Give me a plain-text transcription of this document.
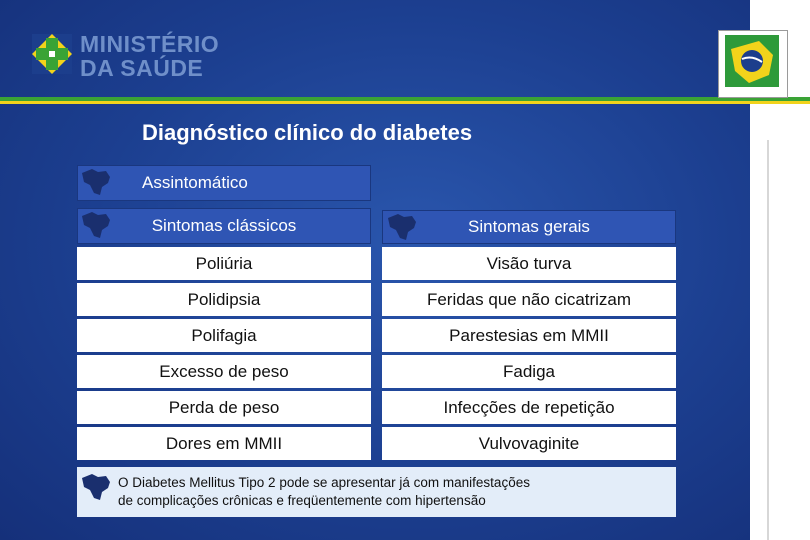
MINISTÉRIO
DA SAÚDE
Diagnóstico clínico do diabetes
Assintomático
Sintomas clássicos	Sintomas gerais
Poliúria	Visão turva
Polidipsia	Feridas que não cicatrizam
Polifagia	Parestesias em MMII
Excesso de peso	Fadiga
Perda de peso	Infecções de repetição
Dores em MMII	Vulvovaginite
O Diabetes Mellitus Tipo 2 pode se apresentar já com manifestações
de complicações crônicas e freqüentemente com hipertensão
